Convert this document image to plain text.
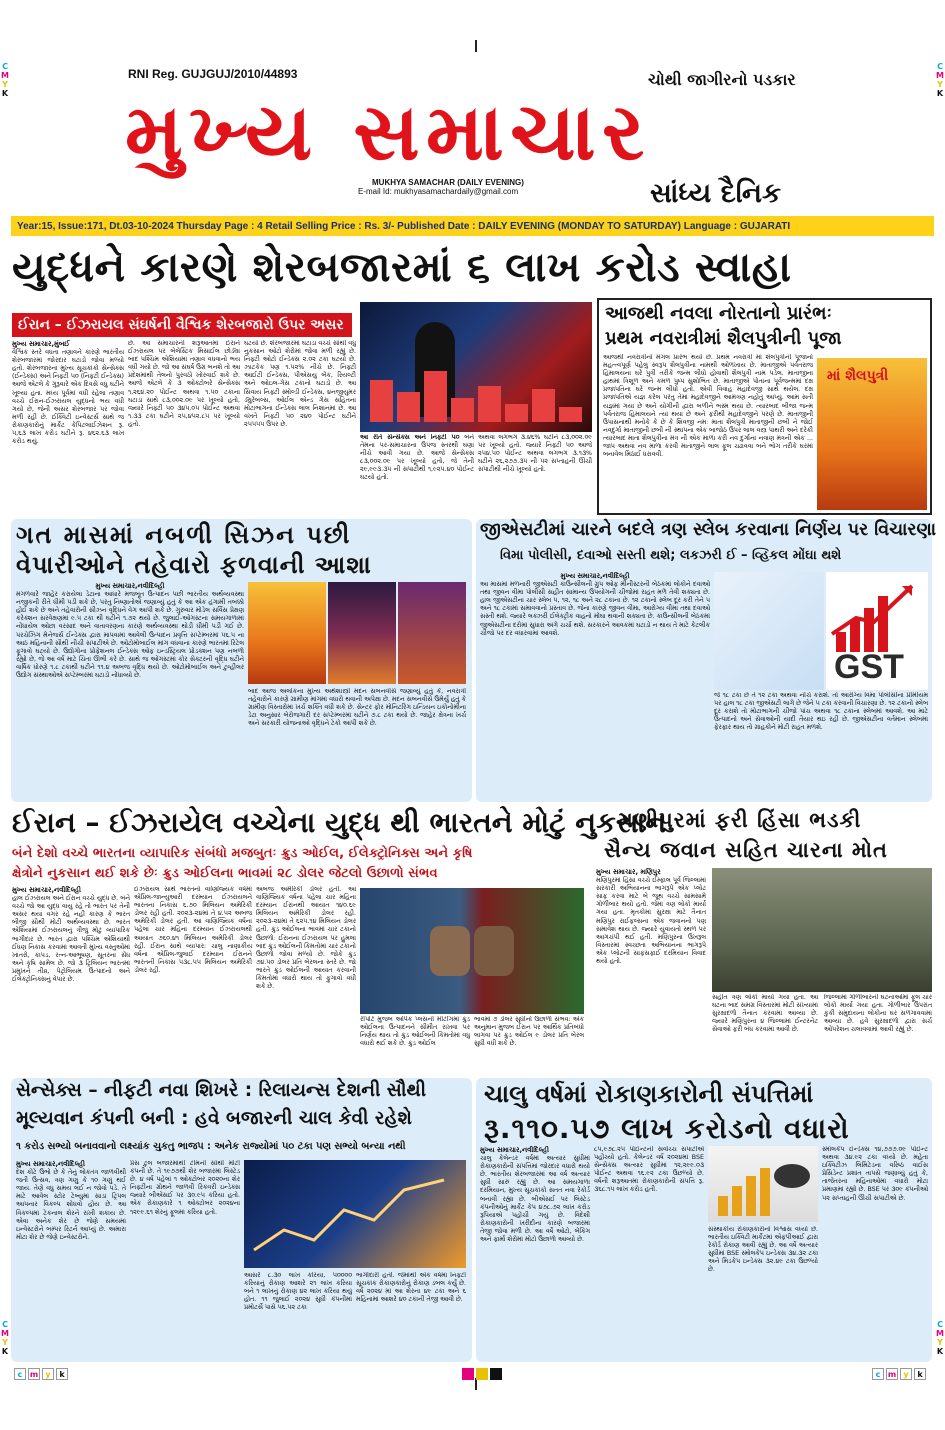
C
M
Y
K
C
M
Y
K
C
M
Y
K
C
M
Y
K
c m y	k	c m y	k
RNI Reg. GUJGUJ/2010/44893	ચોથી જાગીરનો પડકાર
મુખ્ય સમાચાર
MUKHYA SAMACHAR (DAILY EVENING)
E-mail Id: mukhyasamachardaily@gmail.com	સાંધ્ય દૈનિક
Year:15, Issue:171, Dt.03-10-2024 Thursday Page : 4 Retail Selling Price : Rs. 3/- Published Date : DAILY EVENING (MONDAY TO SATURDAY) Language : GUJARATI
યુદ્ધને કારણે શેરબજારમાં ૬ લાખ કરોડ સ્વાહા
ઈરાન – ઈઝરાયલ સંઘર્ષની વૈશ્વિક શેરબજારો ઉપર અસર
મુખ્ય સમાચાર,મુંબઈ
વૈશ્વિક સ્તરે વધતા તણાવને કારણે ભારતીય શેરબજારમાં જોરદાર ઘટાડો જોવા મળ્યો હતો. શેરબજારના મુખ્ય સૂચકાંકો સેન્સેક્સ (ઈન્ડેક્સ) અને નિફ્ટી ૫૦ (નિફ્ટી ઈન્ડેક્સ) આજે એટલે કે ગુરૂવારે એક દિવસે વધુ ઘટીને ખૂલ્યા હતા. મધ્ય પૂર્વમાં વધી રહેલા તણાવ વચ્ચે ઈરાન-ઈઝરાયલ યુદ્ધનો ભય વધી ગયો છે, જેની અસર શેરબજાર પર જોવા મળી રહી છે. ઈક્વિટી ઇન્વેસ્ટર્સ સાથે જ રોકાણકારોનું માર્કેટ કેપિટલાઈઝેશન રૂ. ૫,૬૩ લાખ કરોડ ઘટીને રૂ. ૪૬૨.૬૩ લાખ કરોડ થયું.
છે. આ સમાચારની શરૂઆતમાં ઈરાને ઈઝરાયલ પર બેલેસ્ટિક મિસાઈલ છોડ્યા બાદ પશ્ચિમ એશિયામાં તણાવ વધવાનો ભય વધી ગયો છે. જો આ સંઘર્ષ ઉગ્ર બનશે તો આ પ્રદેશમાંથી તેલનો પુરવઠો ખોરવાઈ શકે છે. આજે એટલે કે ૩ ઓક્ટોબરે સેન્સેક્સ ૧,૨૬૪.૨૦ પોઈન્ટ અથવા ૧.૫૦ ટકાના ઘટાડા સાથે ૮૩,૦૦૨.૦૯ પર ખૂલ્યો હતો, જ્યારે નિફ્ટી ૫૦ ૩૪૫.૦૫ પોઈન્ટ અથવા ૧.૩૩ ટકા ઘટીને ૨૫,૪૫૨.૮૫ પર ખૂલ્યો હતો.
ઘટયો છે. શેરબજારમાં ઘટાડા વચ્ચે સૌથી વધુ નુકસાન ઓટો શેરોમાં જોવા મળી રહ્યું છે. નિફ્ટી ઓટો ઈન્ડેક્સ ૨.૦૨ ટકા ઘટયો છે. ઝાટકેક પણ ૧.૫૨% નીચે છે. નિફ્ટી આઈટી ઈન્ડેક્સ, પીએસયુ બેંક, રિયલ્ટી અને ઓઇલ-ગેસ ટકાનો ઘટાડો છે. આ સિવાય નિફ્ટી સ્મોલ્ડી ઈન્ડેક્સ, ૪નજીયુમર ડ્યુરેબલ્સ, ઓઈલ એન્ડ ગેસ સહિતના મોટાભાગના ઈન્ડેક્સ લાલ નિશાનમાં છે. આ વખતે નિફ્ટી ૫૦ ૨૪૦ પોઈન્ટ ઘટીને ૨૫૫૫૫ ઉપર છે.
આ રીતે સેન્સેક્સ અને નિફ્ટી ૫૦ બંને તેમના પર-સમાચારના ઉપજ સ્તરથી ઘણા નીચે આવી ગયા છે. આજે સેન્સેક્સ ૮૩,૦૦૨.૦૯ પર ખૂલ્યો હતો, જે તેની ૨૯,૯૯૩.૩૫ ની સપાટીથી ૧,૯૨૫.૪૦ પોઈન્ટ ઘટયો હતો.
અથવા લગભગ ૩.૪૬% ઘટીને ૮૩,૦૦૨.૦૯ પર ખૂલ્યો હતો. જ્યારે નિફ્ટી ૫૦ આજે ૨૫૪.૫૦ પોઈન્ટ અથવા લગભગ ૩.૧૩% ઘટીને ૨૬,૨૭૭.૩૫ ની ૫૨ સપ્તાહની ઊંચી સપાટીથી નીચે ખૂલ્યો હતો.
આજથી નવલા નોરતાનો પ્રારંભઃ
પ્રથમ નવરાત્રીમાં શૈલપુત્રીની પૂજા
આજથી નવરાત્રીનો મંગલ પ્રારંભ થયો છે. પ્રથમ નવરાત્રી માં શૈલપુત્રીની પૂજાનો મહત્ત્વપૂર્ણ પહેલું સ્વરૂપ શૈલપુત્રીના નામથી ઓળખાય છે. માતાજીએ પર્વતરાજ હિમાલયના ઘરે પુત્રી તરીકે જન્મ લીધો હોવાથી શૈલપુત્રી નામ પડેલ. માતાજીના હાથમાં ત્રિશૂળ અને કમળ પુષ્પ સુશોભિત છે. માતાજીએ પોતાના પૂર્વજન્મમાં દક્ષ પ્રજાપતિના ઘરે જન્મ લીધો હતો. એવી વિવાહ મહાદેવજી સાથે થયેલ. દક્ષ પ્રજાપતિએ યજ્ઞ કરેલ પરંતુ તેમાં મહાદેવજીને આમંત્રણ નહોતું આપ્યું. આમ સતી યજ્ઞમાં ગયા છે અને યોગીની દ્વારા બળીને ભસ્મ થયા છે. ત્યારબાદ બીજા જન્મ પર્વતરાજ હિમાલયને ત્યાં થયા છે અને ફરીથી મહાદેવજીને પરણે છે. માતાજીની ઉપાસનાથી મનોકે કે છે કે શિવજી નમઃ માતા શૈલપુત્રી માતાજીની છબી ને જોઈ નવદુર્ગા માતાજીની છબી ની સ્થાપના એક બાજોઠ ઉપર લાલ વસ્ત્ર પાથરી અને દરેકી ત્યારબાદ માતા શૈલપુત્રીના મંત્ર ની એક માળા કરી નવ દુર્ગાના નવાણ મંત્રની એક ... જાપ અથવા નવ માળા કરવી માતાજીને લાલ ફૂલ ચઢાવવા બને ભોગ તરીકે ઘરમાં બનાવેલ મિઠાઈ ધરાવવી.
માં શૈલપુત્રી
ગત માસમાં નબળી સિઝન પછી
વેપારીઓને તહેવારો ફળવાની આશા
મુખ્ય સમાચાર,નવીદિલ્હી
મંગળવારે જાહેર કરાયેલા ડેટાના આધારે મજબૂત ઉત્પાદન પછી ભારતીય અર્થવ્યવસ્થા નજીકની રીતે ધીમી પડી શકે છે, પરંતુ નિષ્ણાતોએ જણાવ્યું હતું કે આ એક હંગામી તબક્કો હોઈ શકે છે અને તહેવારોની સીઝન વૃદ્ધિને વેગ આપી શકે છે. ગુરુવાર મોડેલ સર્વિસ પ્રેક્ષણ કરેક્શન સરવેક્ષણમાં ૯.૫ ટકા થી ઘટીને ૧.૭૨ થયો છે. જુલાઈ-ઓગસ્ટના સમયગાળામાં નોંધાયેલ ઓછા વરસાદ અને વાતાવરણના કારણે અર્થવ્યવસ્થા થોડી ધીમી પડી ગઈ છે. પરચેઝિંગ મેનેજર્સ ઈન્ડેક્સ દ્વારા માપવામાં આવેલી ઉત્પાદન પ્રવૃત્તિ સપ્ટેમ્બરમાં ૫૬.૫ ના આઠ મહિનાની સૌથી નીચી સપાટીએ છે. ઓટોમોબાઈલ માંગ વધવાના કારણે ભારતમાં રિટેલ ફૂગાવો ઘટ્યો છે. ઉદ્યોગોના પ્રોફેશનલ ઈન્ડેક્સ ઓફ ઇન્ડસ્ટ્રિયલ પ્રોડક્શન પણ નબળો રહ્યો છે, જે આ વર્ષ માટે ચિંતા ઊભી કરે છે. સાથે જ ઓગસ્ટમાં કોર સેક્ટરની વૃદ્ધિ ઘટીને વાર્ષિક ધોરણે ૧.૮ ટકાથી ઘટીને ૧૧.૪ અબજ વૃદ્ધિ થયો છે. ઓટોમોબાઈલ અને ટુવ્હીલર ઉદ્યોગ સંસ્થાઓએ સપ્ટેમ્બરમાં ઘટાડો નોંધાવ્યો છે.
બાદ આજ અલોકના મુખ્ય અર્થશાસ્ત્રી મદન સબનવીસે જણાવ્યું હતું કે, નવરાત્રી તહેવારોને કારણે ગ્રામીણ માંગમાં વધારો થવાની અપેક્ષા છે. મદન સબનવીસે ઉમેર્યું હતું કે ગ્રામીણ વિસ્તારોમાં ખર્ચ શક્તિ વધી શકે છે. સેન્ટર ફોર મોનિટરિંગ ઇન્ડિયન ઇકોનોમીના ડેટા અનુસાર બેરોજગારી દર સપ્ટેમ્બરમાં ઘટીને ૭.૮ ટકા થયો છે. જાહેર ક્ષેત્રના ખર્ચ અને સરકારી યોજનાઓ વૃદ્ધિને ટેકો આપી શકે છે.
જીએસટીમાં ચારને બદલે ત્રણ સ્લેબ કરવાના નિર્ણય પર વિચારણા
વિમા પોલીસી, દવાઓ સસ્તી થશે; લકઝરી ઈ – વ્હિકલ મોંઘા થશે
મુખ્ય સમાચાર,નવીદિલ્હી
આ માસમાં મળનારી જીએસટી કાઉન્સીલની ગ્રુપ ઓફ મીનીસ્ટરની બેઠકમાં લોકોને દવાઓ તથા જીવન વીમા પોલીસી સહીત સામાન્ય ઉપયોગની ચીજોમાં રાહત મળે તેવી શક્યતા છે. હાલ જીએસટીના ચાર સ્લેબ ૫, ૧૨, ૧૮ અને ૨૮ ટકાના છે. ૧૨ ટકાનો સ્લેબ દૂર કરી તેને ૫ અને ૧૮ ટકામાં સમાવવાનો પ્રસ્તાવ છે. જેના કારણે જીવન વીમા, આરોગ્ય વીમા તથા દવાઓ સસ્તી થશે. જ્યારે લક્ઝરી ઈલેક્ટ્રીક વાહનો મોંઘા થવાની શક્યતા છે. કાઉન્સીલની બેઠકમાં જીએસટીના દરોમાં સુધારા અંગે ચર્ચા થશે. સરકારને આવકમાં ઘટાડો ન થાય તે માટે કેટલીક ચીજો પર દર વધારવામાં આવશે.
GST
જે ૧૮ ટકા છે તે ૧૨ ટકા અથવા નીચે કરાશે. તો આરોગ્ય વિમા પોલીસીના પ્રીમીયમ પર હાલ ૧૮ ટકા જીએસટી લાગે છે જેને ૫ ટકા કરવાની વિચારણા છે. ૧૨ ટકાનો સ્લેબ દૂર કરાશે તો મોટાભાગની ચીજો પાંચ અથવા ૧૮ ટકાના સ્લેબમાં આવશે. આ માટે ઉત્પાદનો અને સેવાઓની યાદી તૈયાર થઇ રહી છે. જીએસટીના વર્તમાન સ્લેબમાં ફેરફાર થાય તો ગ્રાહકોને મોટી રાહત મળશે.
ઈરાન – ઈઝરાયેલ વચ્ચેના યુદ્ધ થી ભારતને મોટું નુકસાન
બંને દેશો વચ્ચે ભારતના વ્યાપારિક સંબંધો મજબુતઃ ક્રુડ ઓઈલ, ઈલેક્ટ્રોનિક્સ અને કૃષિ
ક્ષેત્રોને નુકસાન થઈ શકે છેઃ ક્રુડ ઓઈલના ભાવમાં ૨૮ ડોલર જેટલો ઉછાળો સંભવ
મુખ્ય સમાચાર,નવીદિલ્હી
હાલ ઈઝરાયલ અને ઈરાન વચ્ચે યુદ્ધ છે. બંને વચ્ચે જો આ યુદ્ધ વાયુ રહે તો ભારત પર તેની અસર થયા વગર રહે નહીં કારણ કે ભારત બીજી સૌથી મોટી અર્થવ્યવસ્થા છે. ભારત એશિયામાં ઈઝરાયલનું ત્રીજું મોટું વ્યાપારિક ભાગીદાર છે. ભારત દ્વારા પશ્ચિમ એશિયાથી ઈંધણ નિકાસ કરવામાં આવતી મુખ્ય વસ્તુઓમાં ખાતરો, કાપડ, રત્ન-આભૂષણ, સૂતરના સેંધ અને કૃષિ સામેલ છે. જો ૩ ટ્રિલિયન ભારતમાં પ્રમુખને તીવ્ર, પેટ્રોલિયમ ઉત્પાદનો અને ઈલેક્ટ્રોનિક્સનું વેપાર છે.
ઈઝરાયલ સાથે ભારતનો વાણિજ્યિક વર્ષમાં એપ્રિલ-જાન્યુઆરી દરમ્યાન ઈઝરાયલને ભારતના નિકાસ ૬.૭૦ મિલિયન અમેરિકી ડોલર રહી હતી. ૨૦૨૩-૨૪માં તે ૪.૫૨ અબજ અમેરિકી ડોલર હતી. આ વાણિજ્યિક વર્ષના પહેલા ચાર મહિના દરમ્યાન ઈઝરાયલથી આયાત ૭૬૦.૪૧ મિલિયન અમેરિકી ડોલર રહી. ઈરાન સાથે વ્યાપાર: ચાલુ નાણાકીય વર્ષના એપ્રિલ-જુલાઈ દરમ્યાન ઈરાનને ભારતની નિકાસ ૫૩૮.૫૫ મિલિયન અમેરિકી ડોલર રહી.
અબજ અમેરિકી ડોલર હતી. આ વાણિજ્યિક વર્ષના પહેલા ચાર મહિના દરમ્યાન ઈરાનથી આયાત ૧૪૦.૬૯ મિલિયન અમેરિકી ડોલર રહી. ૨૦૨૩-૨૪માં તે ૬૨૫.૧૪ મિલિયન ડોલર હતી. ક્રુડ ઓઈલના ભાવમાં ચાર ટકાનો ઉછાળોઃ ઈરાનના ઈઝરાયલ પર હુમલા બાદ ક્રુડ ઓઈલની કિંમતોમાં ચાર ટકાનો ઉછાળો જોવા મળ્યો છે. જોકે ક્રુડ ૭૪.૫૦ ડોલર પ્રતિ બેરલના સ્તરે છે. જો ભારતે ક્રુડ ઓઈલની આયાત કરવાની કિંમતોમાં વધારો થાય તો ફુગાવો વધી શકે છે.
રીપોર્ટ મુજબ ઓપેક પ્લસની મીટીંગમાં ક્રુડ ઓઈલના ઉત્પાદનને સીમીત રાખવા પર નિર્ણય થાય તો ક્રુડ ઓઈલની કિંમતોમાં વધુ વધારો થઈ શકે છે. ક્રુડ ઓઈલ
ભાવમાં ૭ ડોલર સુધીનો ઉછાળો સંભવ: એક અનુમાન મુજબ ઈરાન પર આર્થિક પ્રતિબંધો લાગવા પર ક્રુડ ઓઈલ ૯ ડોલર પ્રતિ બેરલ સુધી વધી શકે છે.
મણીપુરમાં ફરી હિંસા ભડકી
સૈન્ય જવાન સહિત ચારના મોત
મુખ્ય સમાચાર, મણિપુર
મણિપુરમાં હિંસા વચ્ચે ઈમ્ફાલ પૂર્વ જિલ્લામાં સરકારી અભિયાનના ભાગરૂપે એક પ્લોટ સાફ કરવા માટે બે જૂથ વચ્ચે સામસામે ગોળીબાર થયો હતો. જેમાં ત્રણ લોકો માર્યા ગયા હતા. મૃતકોમાં સુરક્ષા માટે તૈનાત મણિપુર રાઈફલ્સના એક જવાનનો પણ સમાવેશ થાય છે. જ્યારે યુવાયતો સ્થળ પર આગચંપી થઈ હતી. મણિપુરના ઉખરૂલ વિસ્તારમાં સ્વચ્છતા અભિયાનના ભાગરૂપે એક પ્લોટની સાફસફાઈ દરમિયાન વિવાદ થયો હતો.
સહીત ત્રણ લોકો માર્યા ગયા હતા. આ ઘટના બાદ સમગ્ર વિસ્તારમાં મોટી સંખ્યામાં સુરક્ષાદળો તૈનાત કરવામાં આવ્યા છે. જ્યારે મણિપુરના ૪ જિલ્લામાં ઈન્ટરનેટ સેવાઓ ફરી બંધ કરવામાં આવી છે.
જિલ્લામાં ગોળીબારની ઘટનાઓમાં ફૂલ ચાર લોકો માર્યા ગયા હતા. ગોળીબાર ઉપરાંત કુકી સમુદાયના લોકોના ઘર સળગાવવામાં આવ્યા છે. હવે સુરક્ષાદળો દ્વારા સર્ચ ઓપરેશન ચલાવવામાં આવી રહ્યું છે.
સેન્સેક્સ – નીફટી નવા શિખરે : રિલાયન્સ દેશની સૌથી
મૂલ્યવાન કંપની બની : હવે બજારની ચાલ કેવી રહેશે
૧ કરોડ સભ્યો બનાવવાનો લક્ષ્યાંક ચુકતુ ભાજપ : અનેક રાજ્યોમાં ૫૦ ટકા પણ સભ્યો બન્યા નથી
મુખ્ય સમાચાર,નવીદિલ્હી
દેશ કોટે ઉભો છે કે તેનું લોકતંત્ર જાળવીથી જતી ઉત્સવ, ત્રણ ગણુ કે ૧૦ ગણું થઈ જાય. તેણે વધુ સમય લઈ ન જોવો પડે. તે માટે આવેલ સ્ટોર ટેબ્યુમાં સાડા ટ્રિપલ આપનાર વિકલ્પ શોધવો હોય છે. આ વિકલ્પમાં ટેકનાલ શેરને રાખી શકાય છે. એવા અનેક શેર છે જેણે સમયમાં ઇન્વેસ્ટરોને બમ્પર રિટર્ન આપ્યું છે. અમારા મોટા શેર છે જેણે ઇન્વેસ્ટરોને.
પ્રેસ ટુલ બજારમાંથી ટીમની સૌથી મોટી કંપની છે. તે ૧૯૭૭થી શેર બજારમાં લિસ્ટેડ છે. ૪ વર્ષ પહેલાં ૧ ઓક્ટોબર ૨૦૨૦ના શેર નિફ્ટીના ગ્રોથને જાળવી રિકવરી ઇન્ડેક્સ જ્યારે બીએસઈ પર ૩૦.૯૫ કરિયા હતો. એક રોકાણકારે ૧ ઓક્ટોબર ૨૦૨૪ના ૧૨૯૯.૬૧ શેરનું ફૂલમાં કરિયા હતો.
આસરે ૮.૩૦ લાખ કરિયા, ૫૦૦૦૦ કરિયાનું રોકાણ આશરે ૨૧ લાખ કરિયા બને ૧ લાખનું રોકાણ ૪૨ લાખ કરિયા થયું હોત. ૧૧ જુલાઈ ૨૦૨૪ સુધી કંપનીમાં પ્રમોટર્સે પાસે ૫૬.૫૨ ટકા
ભાગીદારી હતી. જેમાંથી એક વર્ષમાં નિફ્ટી સૂચકાંક રોકાણકારોનું રોકાણ ડબલ કર્યું છે. વર્ષ ૨૦૨૪ માં આ શેરના ૪૯ ટકા અને ૬ મહિનામાં આશરે ૪૦ ટકાની તેજી આવી છે.
ચાલુ વર્ષમાં રોકાણકારોની સંપત્તિમાં
રૂ.૧૧૦.૫૭ લાખ કરોડનો વધારો
મુખ્ય સમાચાર,નવીદિલ્હી
ચાલુ કેલેન્ડર વર્ષમાં અત્યાર સુધીમાં રોકાણકારોની સંપત્તિમાં જોરદાર વધારો થયો છે. ભારતીય શેરબજારમાં આ વર્ષ અત્યાર સુધી સારું રહ્યું છે. આ સમયગાળા દરમિયાન, મુખ્ય સૂચકાંકો સતત નવા રેકોર્ડ બનાવી રહ્યા છે. બીએસઈ પર લિસ્ટેડ કંપનીઓનું માર્કેટ કેપ ૪૭૮.૭૨ લાખ કરોડ રૂપિયાએ પહોંચી ગયું છે. વિદેશી રોકાણકારોની ખરીદીના કારણે બજારમાં તેજી જોવા મળી છે. આ વર્ષે ઓટો, બેંકિંગ અને ફાર્મા શેરોમાં મોટો ઉછાળો આવ્યો છે.
૮૫,૯૭૮.૨૫ પોઈન્ટની સર્વોચ્ચ સપાટીએ પહોંચ્યો હતો. કેલેન્ડર વર્ષ ૨૦૨૪માં BSE સેન્સેક્સ અત્યાર સુધીમાં ૧૨,૨૯૯.૦૩ પોઈન્ટ અથવા ૧૬.૯૨ ટકા ઉછળ્યો છે. વર્ષની શરૂઆતમાં રોકાણકારોની સંપત્તિ રૂ. ૩૬૮.૧૫ લાખ કરોડ હતી.
સંસ્થાકીય રોકાણકારોનો વિશ્વાસ વધ્યો છે. ભારતીય ઇક્વિટી માર્કેટમાં એફપીઆઈ દ્વારા રેકોર્ડ રોકાણ આવી રહ્યું છે. આ વર્ષે અત્યાર સુધીમાં BSE સ્મોલકેપ ઇન્ડેક્સ ૩૪.૩૨ ટકા અને મિડકેપ ઇન્ડેક્સ ૩૨.૪૯ ટકા ઉછળ્યો છે.
સ્મોલકેપ ઈન્ડેક્સ ૧૪,૭૭૭.૦૯ પોઈન્ટ અથવા ૩૪.૯૨ ટકા વધ્યો છે. મહેતા ઇક્વિટીઝ લિમિટેડના વરિષ્ઠ વાઈસ પ્રેસિડેન્ટ પ્રશાંત તાપસે જણાવ્યું હતું કે, તાજેતરના મહિનાઓમાં વધારો મોટા પ્રમાણમાં રહ્યો છે. BSE પર ૩૦૯ કંપનીઓ ૫૨ સપ્તાહની ઊંચી સપાટીએ છે.
